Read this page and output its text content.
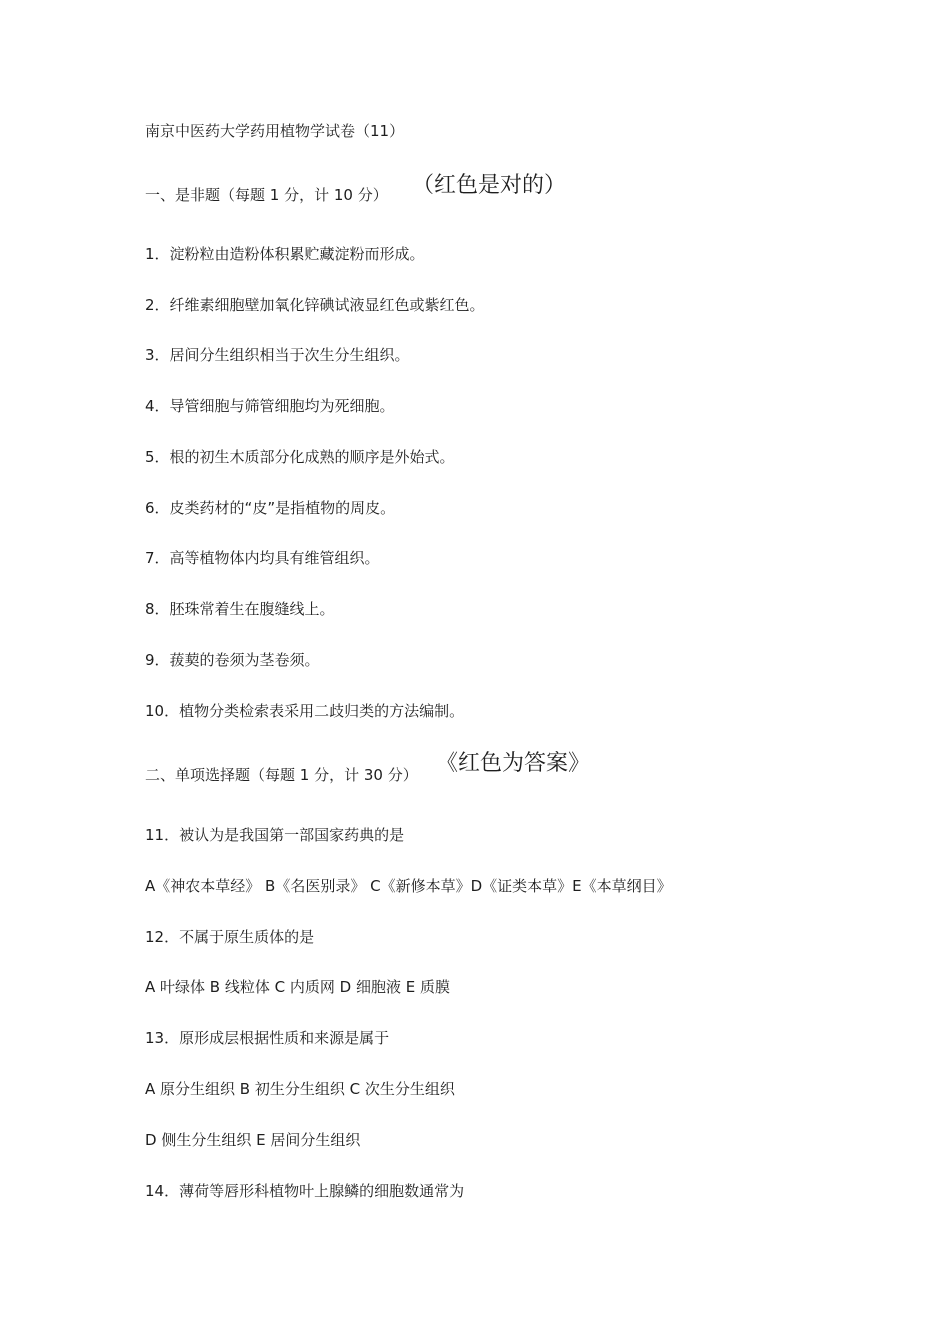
南京中医药大学药用植物学试卷（11）
一、是非题（每题 1 分，计 10 分） （红色是对的）
1．淀粉粒由造粉体积累贮藏淀粉而形成。
2．纤维素细胞壁加氧化锌碘试液显红色或紫红色。
3．居间分生组织相当于次生分生组织。
4．导管细胞与筛管细胞均为死细胞。
5．根的初生木质部分化成熟的顺序是外始式。
6．皮类药材的“皮”是指植物的周皮。
7．高等植物体内均具有维管组织。
8．胚珠常着生在腹缝线上。
9．菝葜的卷须为茎卷须。
10．植物分类检索表采用二歧归类的方法编制。
二、单项选择题（每题 1 分，计 30 分） 《红色为答案》
11．被认为是我国第一部国家药典的是
A《神农本草经》 B《名医别录》 C《新修本草》D《证类本草》E《本草纲目》
12．不属于原生质体的是
A 叶绿体 B 线粒体 C 内质网 D 细胞液 E 质膜
13．原形成层根据性质和来源是属于
A 原分生组织 B 初生分生组织 C 次生分生组织
D 侧生分生组织 E 居间分生组织
14．薄荷等唇形科植物叶上腺鳞的细胞数通常为
